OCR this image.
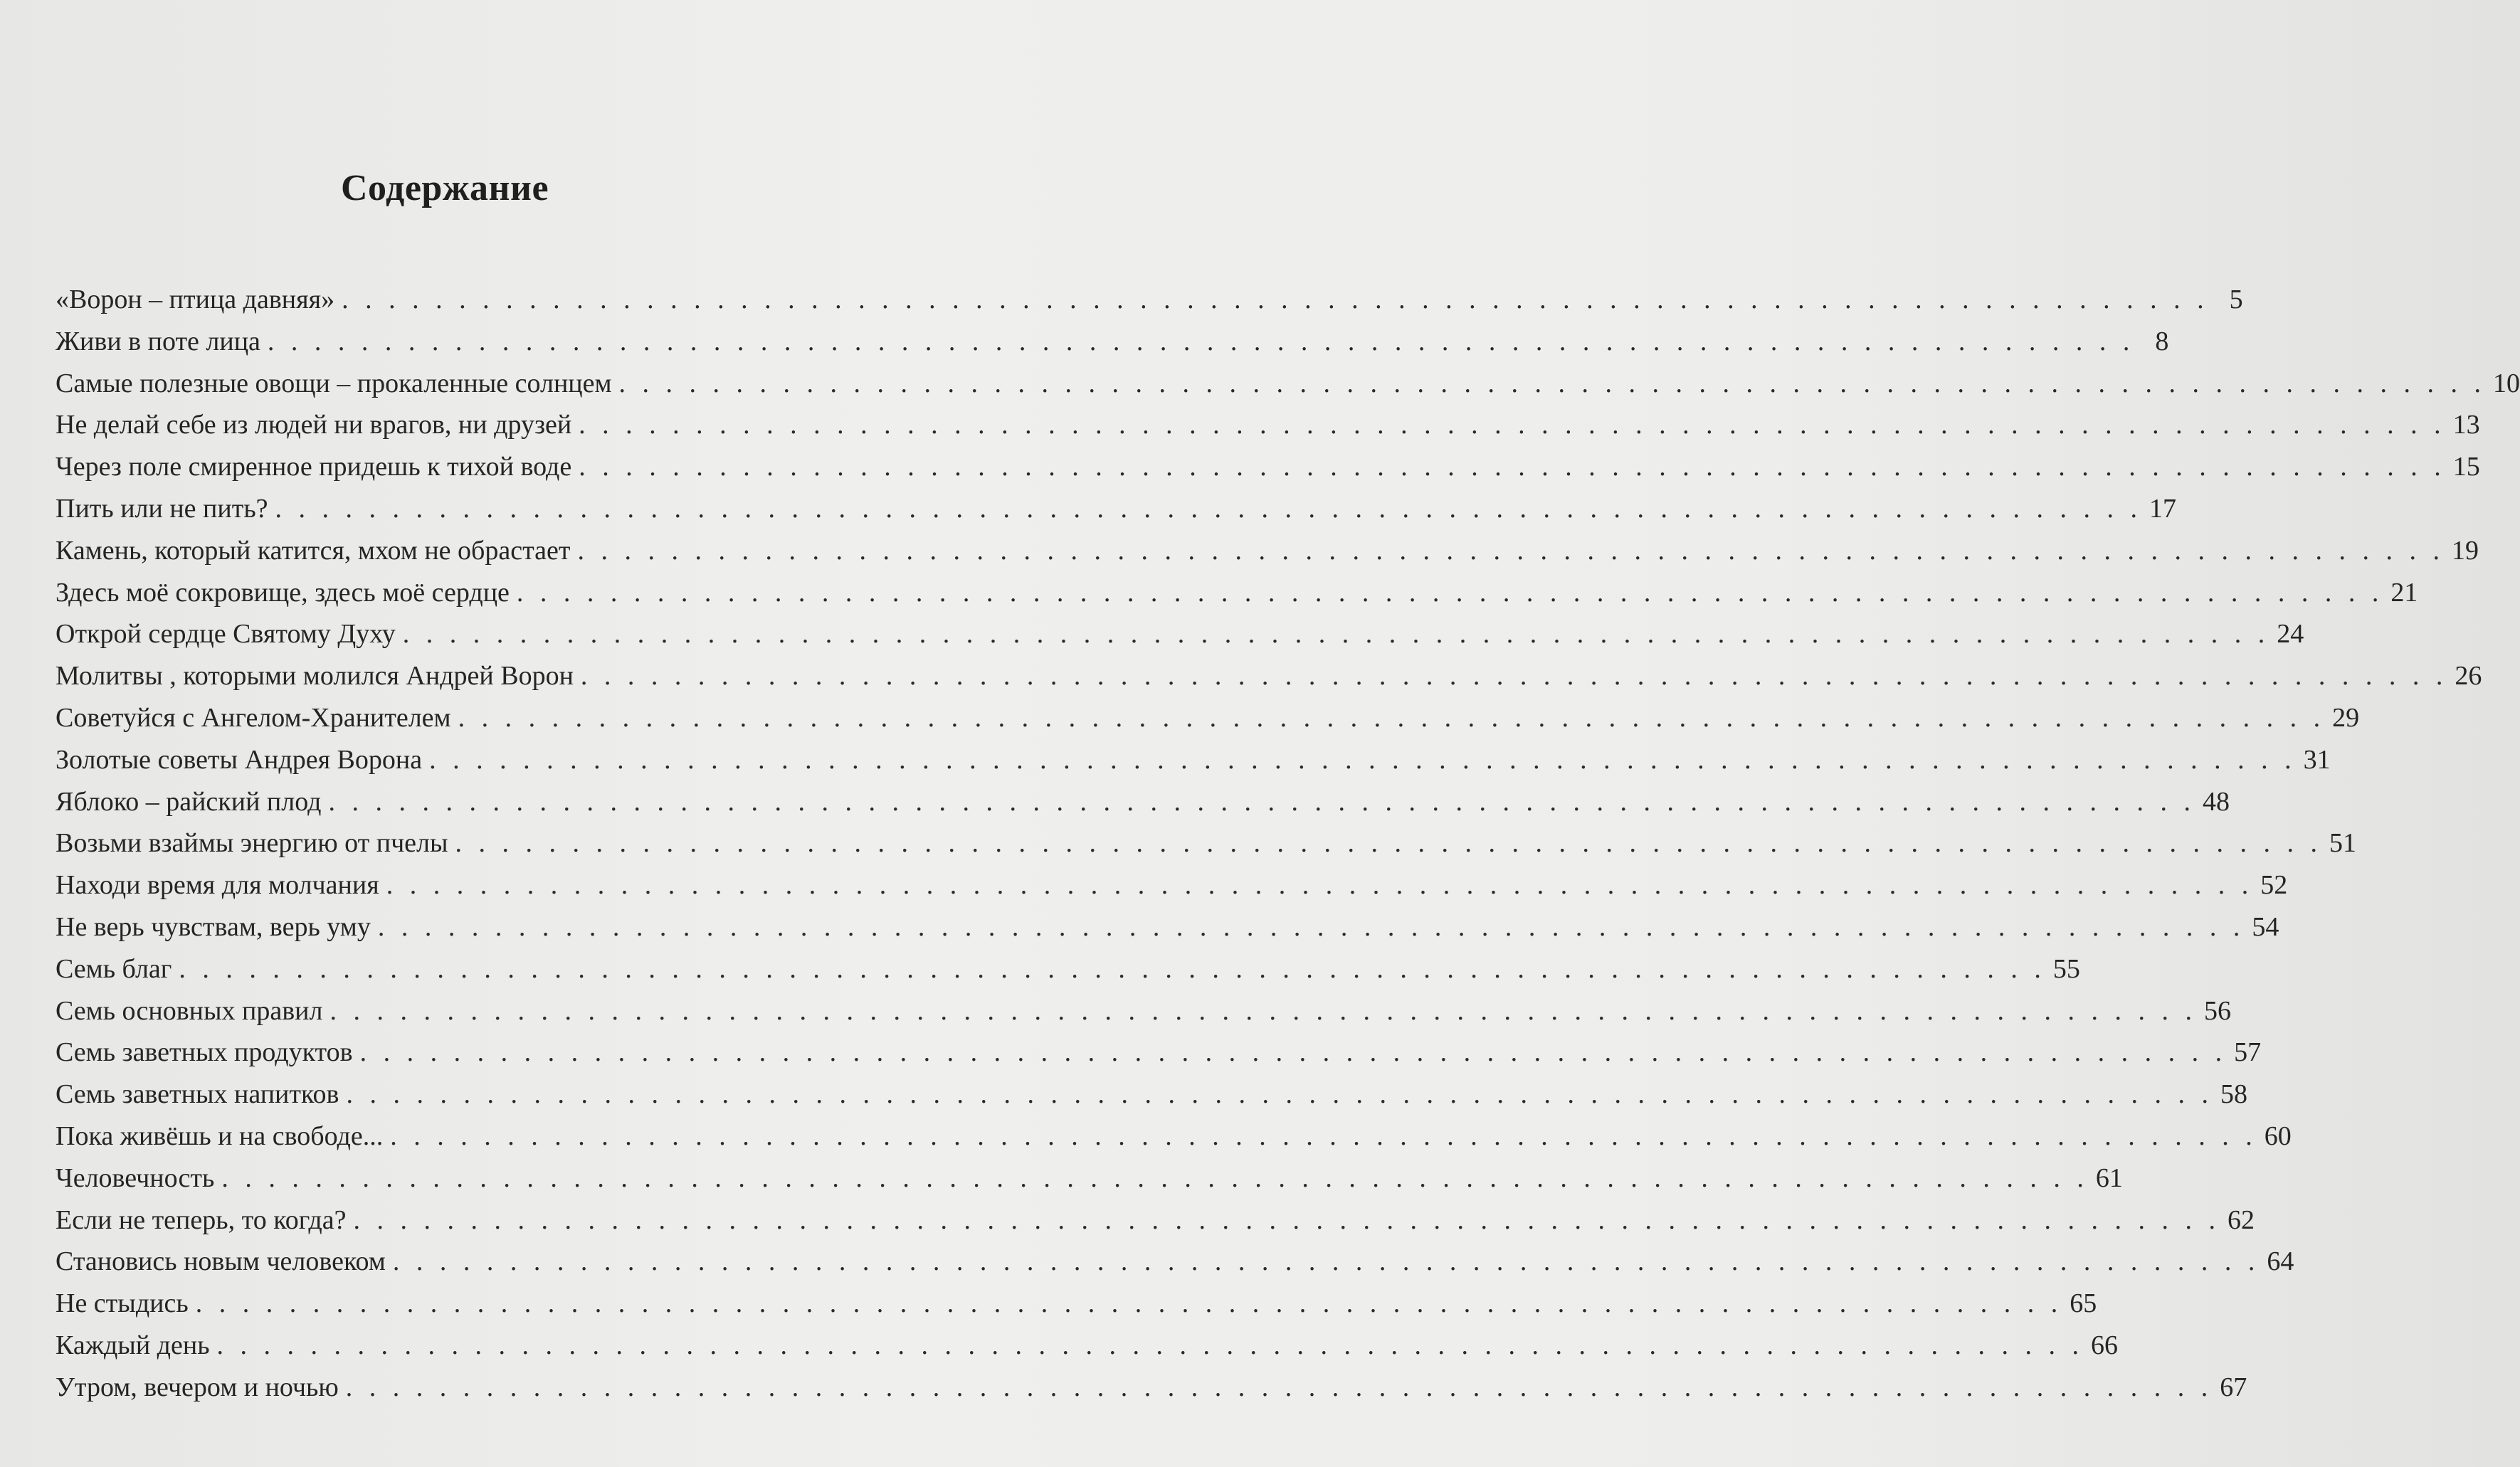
Содержание
«Ворон – птица давняя» . . . . . . . . . . . . . . . . . . . . . . . . . . . . . . . . . . . . . . . . . . . . . . . . . . . . . . . . . . . . . . . . . . . . . . . . . . . . . . . . 5
Живи в поте лица . . . . . . . . . . . . . . . . . . . . . . . . . . . . . . . . . . . . . . . . . . . . . . . . . . . . . . . . . . . . . . . . . . . . . . . . . . . . . . . . 8
Самые полезные овощи – прокаленные солнцем . . . . . . . . . . . . . . . . . . . . . . . . . . . . . . . . . . . . . . . . . . . . . . . . . . . . . . . . . . . . . . . . . . . . . . . . . . . . . . . . 10
Не делай себе из людей ни врагов, ни друзей . . . . . . . . . . . . . . . . . . . . . . . . . . . . . . . . . . . . . . . . . . . . . . . . . . . . . . . . . . . . . . . . . . . . . . . . . . . . . . . . 13
Через поле смиренное придешь к тихой воде . . . . . . . . . . . . . . . . . . . . . . . . . . . . . . . . . . . . . . . . . . . . . . . . . . . . . . . . . . . . . . . . . . . . . . . . . . . . . . . . 15
Пить или не пить? . . . . . . . . . . . . . . . . . . . . . . . . . . . . . . . . . . . . . . . . . . . . . . . . . . . . . . . . . . . . . . . . . . . . . . . . . . . . . . . . 17
Камень, который катится, мхом не обрастает . . . . . . . . . . . . . . . . . . . . . . . . . . . . . . . . . . . . . . . . . . . . . . . . . . . . . . . . . . . . . . . . . . . . . . . . . . . . . . . . 19
Здесь моё сокровище, здесь моё сердце . . . . . . . . . . . . . . . . . . . . . . . . . . . . . . . . . . . . . . . . . . . . . . . . . . . . . . . . . . . . . . . . . . . . . . . . . . . . . . . . 21
Открой сердце Святому Духу . . . . . . . . . . . . . . . . . . . . . . . . . . . . . . . . . . . . . . . . . . . . . . . . . . . . . . . . . . . . . . . . . . . . . . . . . . . . . . . . 24
Молитвы , которыми молился Андрей Ворон . . . . . . . . . . . . . . . . . . . . . . . . . . . . . . . . . . . . . . . . . . . . . . . . . . . . . . . . . . . . . . . . . . . . . . . . . . . . . . . . 26
Советуйся с Ангелом-Хранителем . . . . . . . . . . . . . . . . . . . . . . . . . . . . . . . . . . . . . . . . . . . . . . . . . . . . . . . . . . . . . . . . . . . . . . . . . . . . . . . . 29
Золотые советы Андрея Ворона . . . . . . . . . . . . . . . . . . . . . . . . . . . . . . . . . . . . . . . . . . . . . . . . . . . . . . . . . . . . . . . . . . . . . . . . . . . . . . . . 31
Яблоко – райский плод . . . . . . . . . . . . . . . . . . . . . . . . . . . . . . . . . . . . . . . . . . . . . . . . . . . . . . . . . . . . . . . . . . . . . . . . . . . . . . . . 48
Возьми взаймы энергию от пчелы . . . . . . . . . . . . . . . . . . . . . . . . . . . . . . . . . . . . . . . . . . . . . . . . . . . . . . . . . . . . . . . . . . . . . . . . . . . . . . . . 51
Находи время для молчания . . . . . . . . . . . . . . . . . . . . . . . . . . . . . . . . . . . . . . . . . . . . . . . . . . . . . . . . . . . . . . . . . . . . . . . . . . . . . . . . 52
Не верь чувствам, верь уму . . . . . . . . . . . . . . . . . . . . . . . . . . . . . . . . . . . . . . . . . . . . . . . . . . . . . . . . . . . . . . . . . . . . . . . . . . . . . . . . 54
Семь благ . . . . . . . . . . . . . . . . . . . . . . . . . . . . . . . . . . . . . . . . . . . . . . . . . . . . . . . . . . . . . . . . . . . . . . . . . . . . . . . . 55
Семь основных правил . . . . . . . . . . . . . . . . . . . . . . . . . . . . . . . . . . . . . . . . . . . . . . . . . . . . . . . . . . . . . . . . . . . . . . . . . . . . . . . . 56
Семь заветных продуктов . . . . . . . . . . . . . . . . . . . . . . . . . . . . . . . . . . . . . . . . . . . . . . . . . . . . . . . . . . . . . . . . . . . . . . . . . . . . . . . . 57
Семь заветных напитков . . . . . . . . . . . . . . . . . . . . . . . . . . . . . . . . . . . . . . . . . . . . . . . . . . . . . . . . . . . . . . . . . . . . . . . . . . . . . . . . 58
Пока живёшь и на свободе... . . . . . . . . . . . . . . . . . . . . . . . . . . . . . . . . . . . . . . . . . . . . . . . . . . . . . . . . . . . . . . . . . . . . . . . . . . . . . . . . 60
Человечность . . . . . . . . . . . . . . . . . . . . . . . . . . . . . . . . . . . . . . . . . . . . . . . . . . . . . . . . . . . . . . . . . . . . . . . . . . . . . . . . 61
Если не теперь, то когда? . . . . . . . . . . . . . . . . . . . . . . . . . . . . . . . . . . . . . . . . . . . . . . . . . . . . . . . . . . . . . . . . . . . . . . . . . . . . . . . . 62
Становись новым человеком . . . . . . . . . . . . . . . . . . . . . . . . . . . . . . . . . . . . . . . . . . . . . . . . . . . . . . . . . . . . . . . . . . . . . . . . . . . . . . . . 64
Не стыдись . . . . . . . . . . . . . . . . . . . . . . . . . . . . . . . . . . . . . . . . . . . . . . . . . . . . . . . . . . . . . . . . . . . . . . . . . . . . . . . . 65
Каждый день . . . . . . . . . . . . . . . . . . . . . . . . . . . . . . . . . . . . . . . . . . . . . . . . . . . . . . . . . . . . . . . . . . . . . . . . . . . . . . . . 66
Утром, вечером и ночью . . . . . . . . . . . . . . . . . . . . . . . . . . . . . . . . . . . . . . . . . . . . . . . . . . . . . . . . . . . . . . . . . . . . . . . . . . . . . . . . 67
